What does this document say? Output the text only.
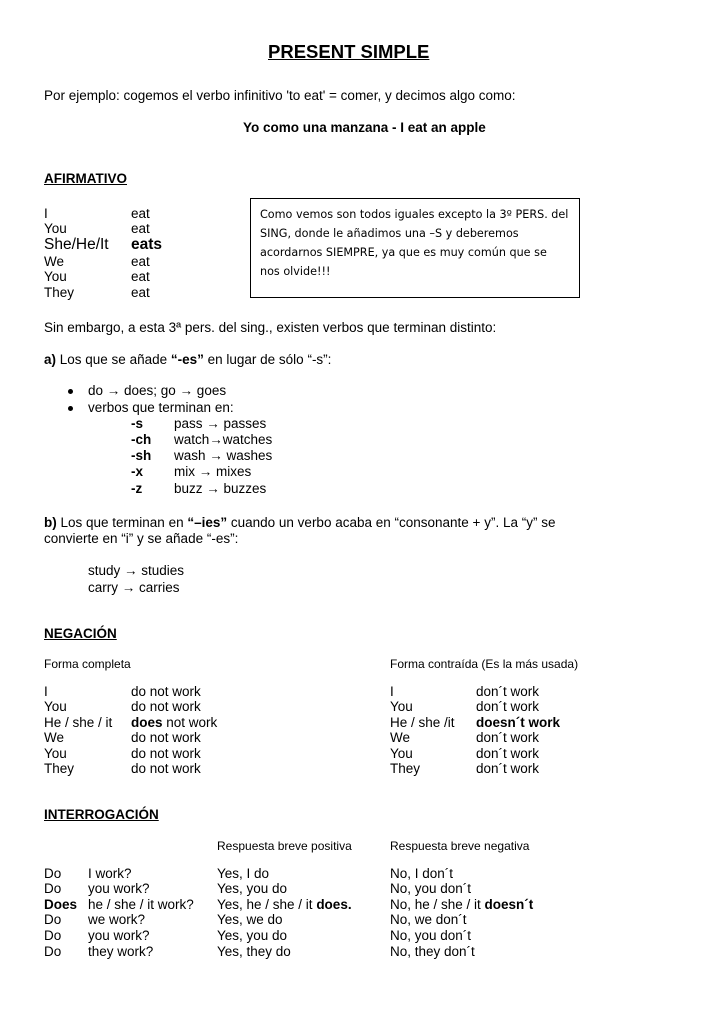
PRESENT SIMPLE
Por ejemplo: cogemos el verbo infinitivo 'to eat' = comer, y decimos algo como:
Yo como una manzana - I eat an apple
AFIRMATIVO
I	eat
You	eat
She/He/It eats
We	eat
You	eat
They	eat
Como vemos son todos iguales excepto la 3º PERS. del SING, donde le añadimos una –S y deberemos acordarnos SIEMPRE, ya que es muy común que se nos olvide!!!
Sin embargo, a esta 3ª pers. del sing., existen verbos que terminan distinto:
a) Los que se añade “-es” en lugar de sólo “-s”:
do → does; go → goes
verbos que terminan en:
-s pass → passes
-ch watch→watches
-sh wash → washes
-x mix → mixes
-z buzz → buzzes
b) Los que terminan en “–ies” cuando un verbo acaba en “consonante + y”. La “y” se
convierte en “i” y se añade “-es”:
study → studies
carry → carries
NEGACIÓN
Forma completa	Forma contraída (Es la más usada)
I	do not work
You	do not work
He / she / it does not work
We	do not work
You	do not work
They	do not work
I	don´t work
You	don´t work
He / she /it doesn´t work
We	don´t work
You	don´t work
They	don´t work
INTERROGACIÓN
Respuesta breve positiva	Respuesta breve negativa
Do I work?	Yes, I do	No, I don´t
Do you work?	Yes, you do	No, you don´t
Does he / she / it work? Yes, he / she / it does.	No, he / she / it doesn´t
Do we work?	Yes, we do	No, we don´t
Do you work?	Yes, you do	No, you don´t
Do they work?	Yes, they do	No, they don´t
